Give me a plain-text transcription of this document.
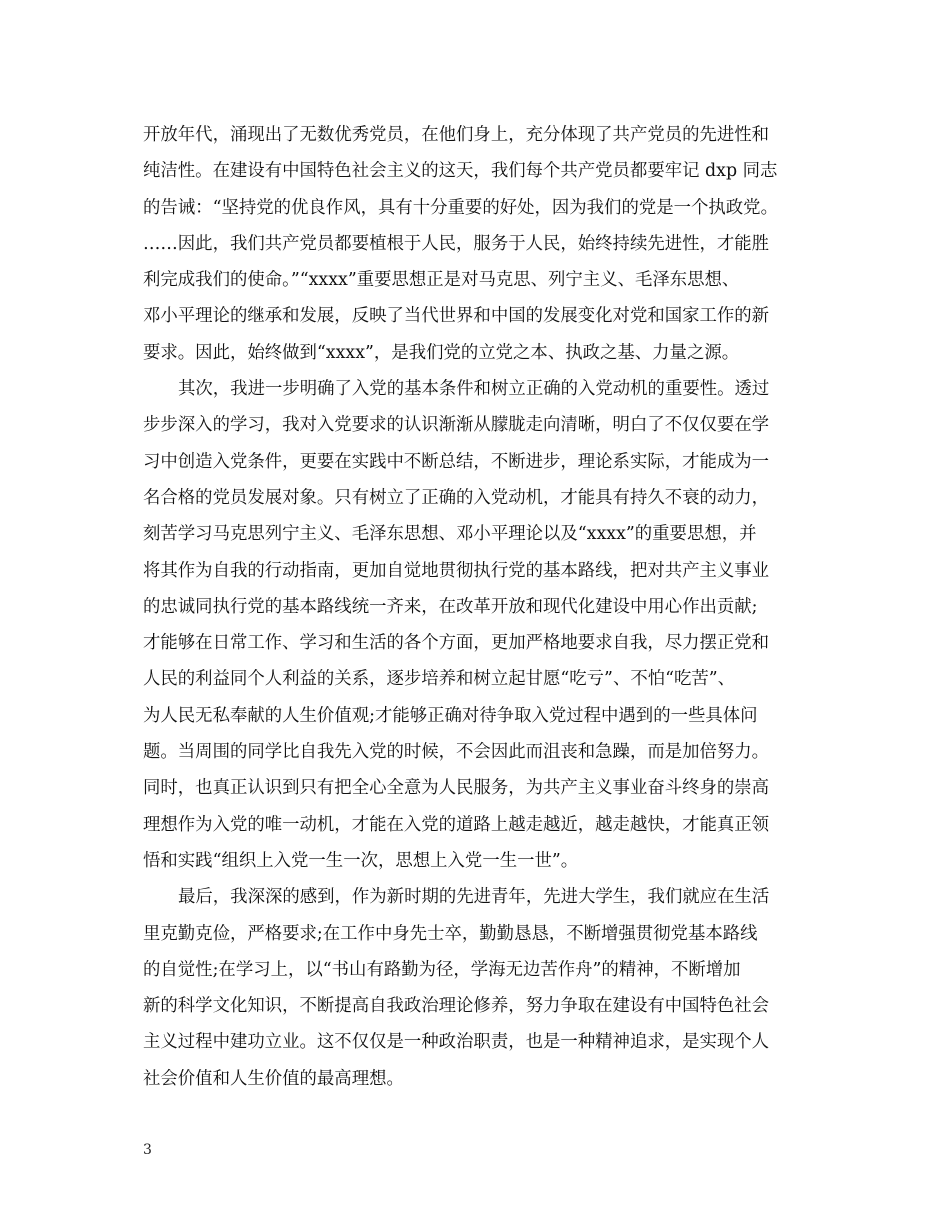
开放年代，涌现出了无数优秀党员，在他们身上，充分体现了共产党员的先进性和
纯洁性。在建设有中国特色社会主义的这天，我们每个共产党员都要牢记 dxp 同志
的告诫：“坚持党的优良作风，具有十分重要的好处，因为我们的党是一个执政党。
……因此，我们共产党员都要植根于人民，服务于人民，始终持续先进性，才能胜
利完成我们的使命。”“xxxx”重要思想正是对马克思、列宁主义、毛泽东思想、
邓小平理论的继承和发展，反映了当代世界和中国的发展变化对党和国家工作的新
要求。因此，始终做到“xxxx”，是我们党的立党之本、执政之基、力量之源。
其次，我进一步明确了入党的基本条件和树立正确的入党动机的重要性。透过
步步深入的学习，我对入党要求的认识渐渐从朦胧走向清晰，明白了不仅仅要在学
习中创造入党条件，更要在实践中不断总结，不断进步，理论系实际，才能成为一
名合格的党员发展对象。只有树立了正确的入党动机，才能具有持久不衰的动力，
刻苦学习马克思列宁主义、毛泽东思想、邓小平理论以及“xxxx”的重要思想，并
将其作为自我的行动指南，更加自觉地贯彻执行党的基本路线，把对共产主义事业
的忠诚同执行党的基本路线统一齐来，在改革开放和现代化建设中用心作出贡献;
才能够在日常工作、学习和生活的各个方面，更加严格地要求自我，尽力摆正党和
人民的利益同个人利益的关系，逐步培养和树立起甘愿“吃亏”、不怕“吃苦”、
为人民无私奉献的人生价值观;才能够正确对待争取入党过程中遇到的一些具体问
题。当周围的同学比自我先入党的时候，不会因此而沮丧和急躁，而是加倍努力。
同时，也真正认识到只有把全心全意为人民服务，为共产主义事业奋斗终身的崇高
理想作为入党的唯一动机，才能在入党的道路上越走越近，越走越快，才能真正领
悟和实践“组织上入党一生一次，思想上入党一生一世”。
最后，我深深的感到，作为新时期的先进青年，先进大学生，我们就应在生活
里克勤克俭，严格要求;在工作中身先士卒，勤勤恳恳，不断增强贯彻党基本路线
的自觉性;在学习上，以“书山有路勤为径，学海无边苦作舟”的精神，不断增加
新的科学文化知识，不断提高自我政治理论修养，努力争取在建设有中国特色社会
主义过程中建功立业。这不仅仅是一种政治职责，也是一种精神追求，是实现个人
社会价值和人生价值的最高理想。
3
